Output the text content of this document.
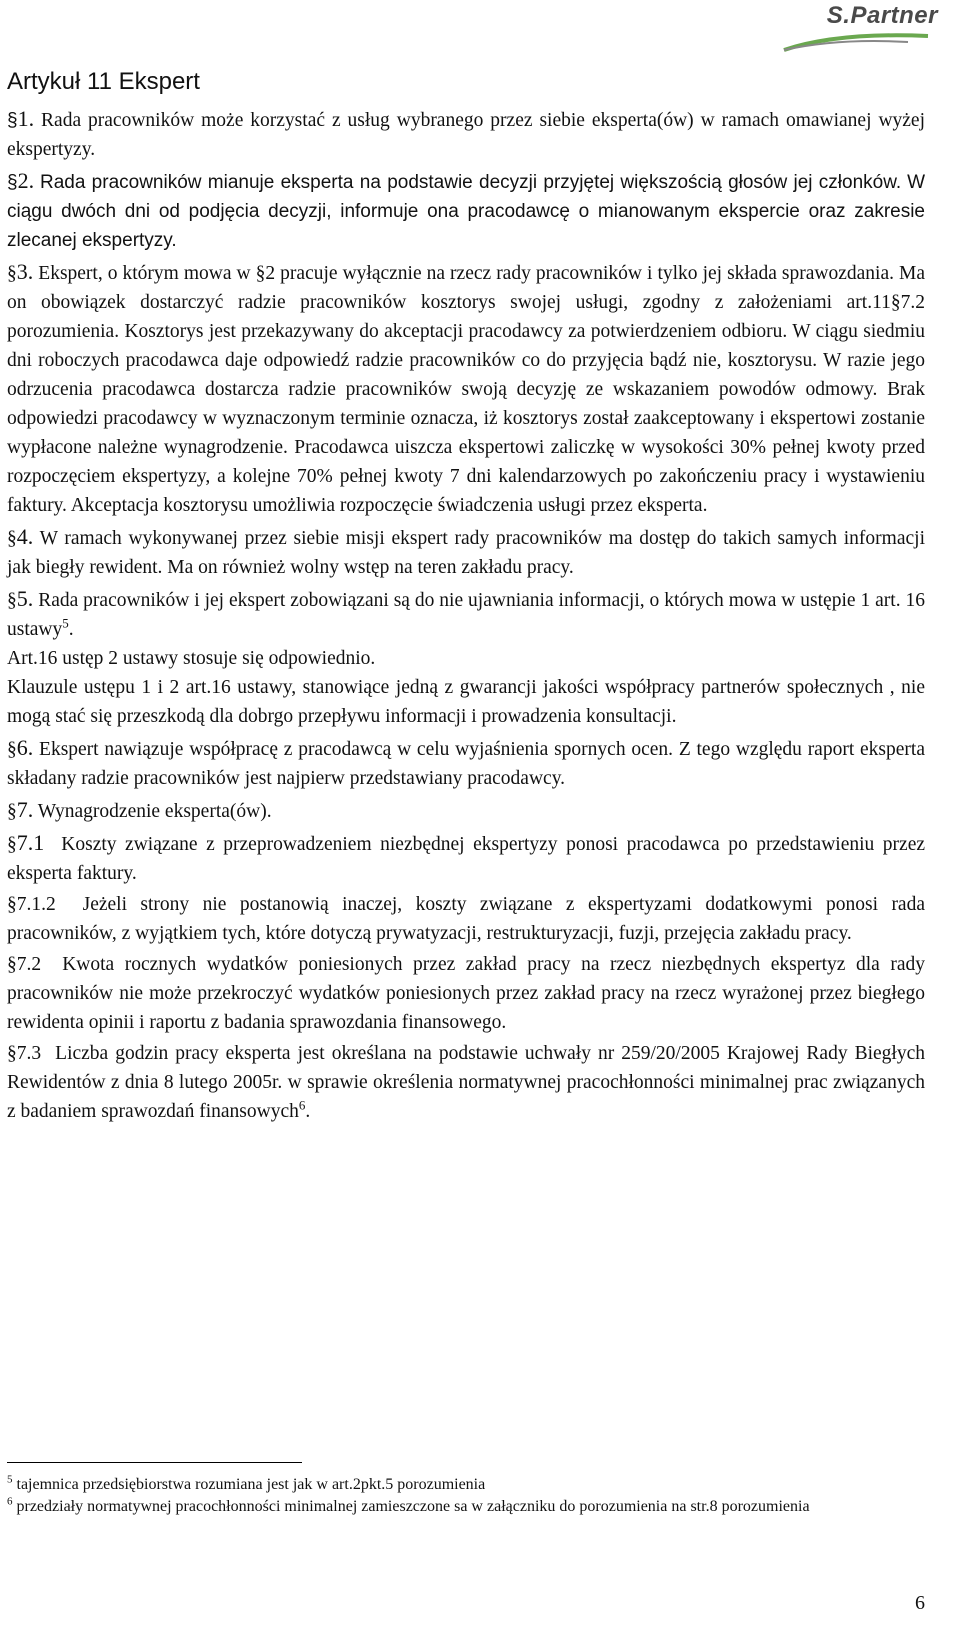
S.Partner
Artykuł 11 Ekspert

§1. Rada pracowników może korzystać z usług wybranego przez siebie eksperta(ów) w ramach omawianej wyżej ekspertyzy.

§2. Rada pracowników mianuje eksperta na podstawie decyzji przyjętej większością głosów jej członków. W ciągu dwóch dni od podjęcia decyzji, informuje ona pracodawcę o mianowanym ekspercie oraz zakresie zlecanej ekspertyzy.

§3. Ekspert, o którym mowa w §2 pracuje wyłącznie na rzecz rady pracowników i tylko jej składa sprawozdania. Ma on obowiązek dostarczyć radzie pracowników kosztorys swojej usługi, zgodny z założeniami art.11§7.2 porozumienia. Kosztorys jest przekazywany do akceptacji pracodawcy za potwierdzeniem odbioru. W ciągu siedmiu dni roboczych pracodawca daje odpowiedź radzie pracowników co do przyjęcia bądź nie, kosztorysu. W razie jego odrzucenia pracodawca dostarcza radzie pracowników swoją decyzję ze wskazaniem powodów odmowy. Brak odpowiedzi pracodawcy w wyznaczonym terminie oznacza, iż kosztorys został zaakceptowany i ekspertowi zostanie wypłacone należne wynagrodzenie. Pracodawca uiszcza ekspertowi zaliczkę w wysokości 30% pełnej kwoty przed rozpoczęciem ekspertyzy, a kolejne 70% pełnej kwoty 7 dni kalendarzowych po zakończeniu pracy i wystawieniu faktury. Akceptacja kosztorysu umożliwia rozpoczęcie świadczenia usługi przez eksperta.

§4. W ramach wykonywanej przez siebie misji ekspert rady pracowników ma dostęp do takich samych informacji jak biegły rewident. Ma on również wolny wstęp na teren zakładu pracy.

§5. Rada pracowników i jej ekspert zobowiązani są do nie ujawniania informacji, o których mowa w ustępie 1 art. 16 ustawy$^5$.
Art.16 ustęp 2 ustawy stosuje się odpowiednio.
Klauzule ustępu 1 i 2 art.16 ustawy, stanowiące jedną z gwarancji jakości współpracy partnerów społecznych , nie mogą stać się przeszkodą dla dobrgo przepływu informacji i prowadzenia konsultacji.

§6. Ekspert nawiązuje współpracę z pracodawcą w celu wyjaśnienia spornych ocen. Z tego względu raport eksperta składany radzie pracowników jest najpierw przedstawiany pracodawcy.

§7. Wynagrodzenie eksperta(ów).

§7.1 Koszty związane z przeprowadzeniem niezbędnej ekspertyzy ponosi pracodawca po przedstawieniu przez eksperta faktury.

§7.1.2 Jeżeli strony nie postanowią inaczej, koszty związane z ekspertyzami dodatkowymi ponosi rada pracowników, z wyjątkiem tych, które dotyczą prywatyzacji, restrukturyzacji, fuzji, przejęcia zakładu pracy.

§7.2 Kwota rocznych wydatków poniesionych przez zakład pracy na rzecz niezbędnych ekspertyz dla rady pracowników nie może przekroczyć wydatków poniesionych przez zakład pracy na rzecz wyrażonej przez biegłego rewidenta opinii i raportu z badania sprawozdania finansowego.

§7.3 Liczba godzin pracy eksperta jest określana na podstawie uchwały nr 259/20/2005 Krajowej Rady Biegłych Rewidentów z dnia 8 lutego 2005r. w sprawie określenia normatywnej pracochłonności minimalnej prac związanych z badaniem sprawozdań finansowych$^6$.

$^5$ tajemnica przedsiębiorstwa rozumiana jest jak w art.2pkt.5 porozumienia
$^6$ przedziały normatywnej pracochłonności minimalnej zamieszczone sa w załączniku do porozumienia na str.8 porozumienia
6
